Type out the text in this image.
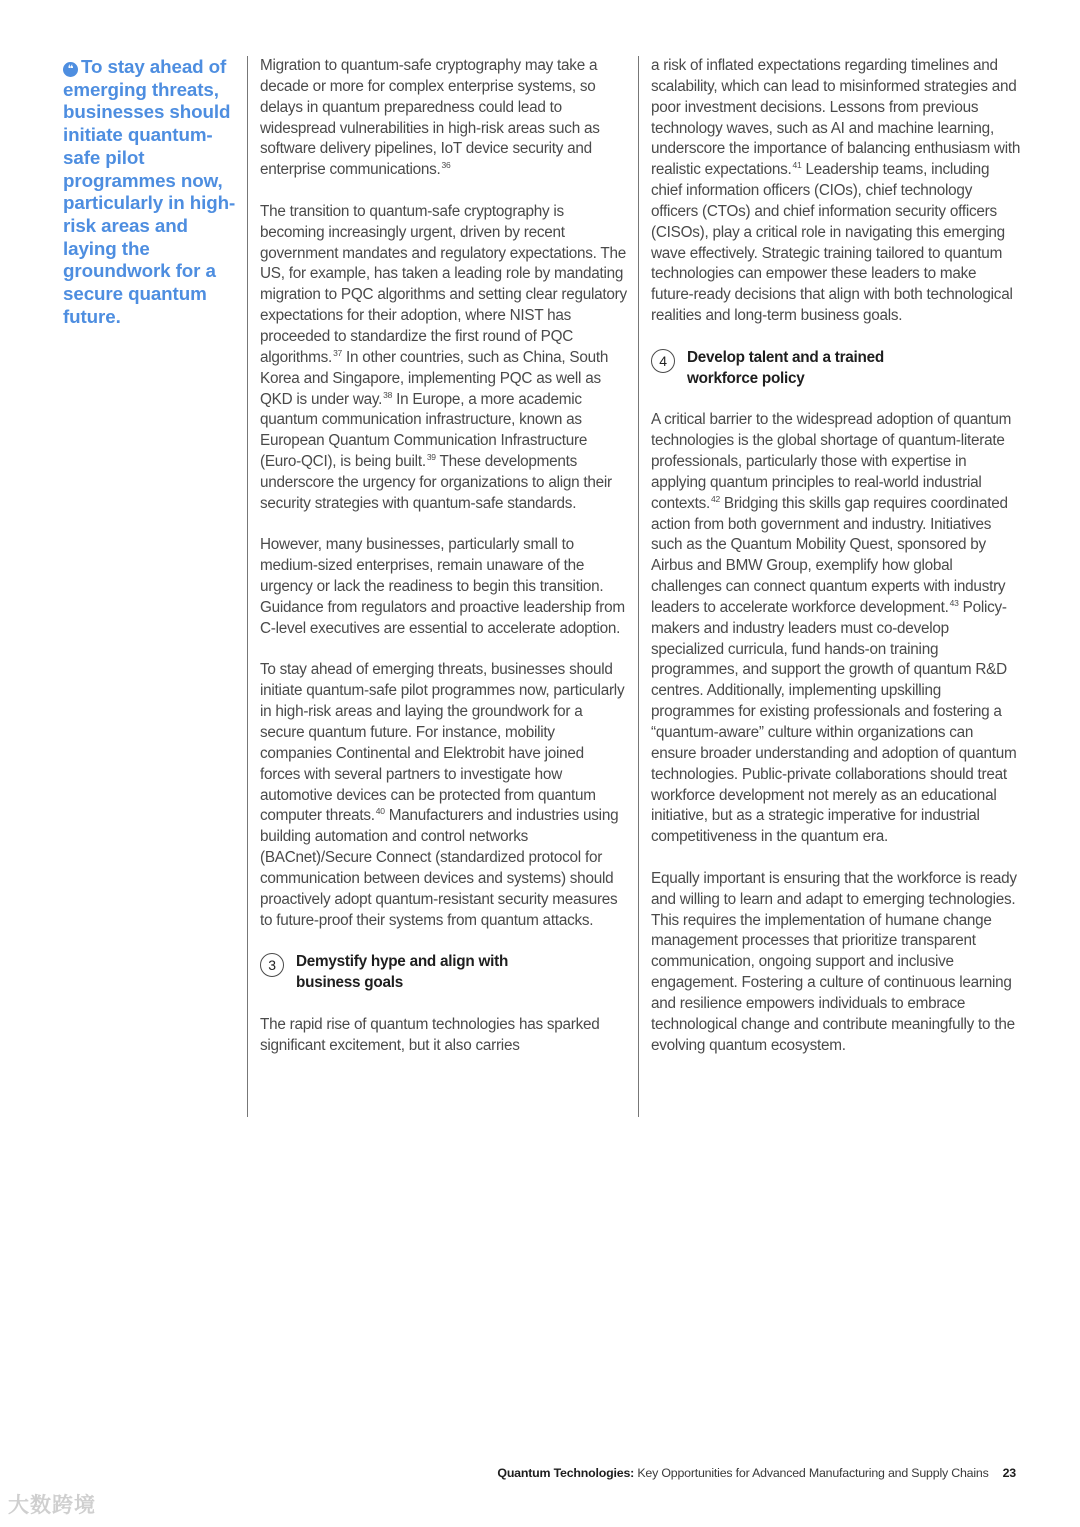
❝ To stay ahead of emerging threats, businesses should initiate quantum-safe pilot programmes now, particularly in high-risk areas and laying the groundwork for a secure quantum future.

Migration to quantum-safe cryptography may take a decade or more for complex enterprise systems, so delays in quantum preparedness could lead to widespread vulnerabilities in high-risk areas such as software delivery pipelines, IoT device security and enterprise communications.$^{36}$

The transition to quantum-safe cryptography is becoming increasingly urgent, driven by recent government mandates and regulatory expectations. The US, for example, has taken a leading role by mandating migration to PQC algorithms and setting clear regulatory expectations for their adoption, where NIST has proceeded to standardize the first round of PQC algorithms.$^{37}$ In other countries, such as China, South Korea and Singapore, implementing PQC as well as QKD is under way.$^{38}$ In Europe, a more academic quantum communication infrastructure, known as European Quantum Communication Infrastructure (Euro-QCI), is being built.$^{39}$ These developments underscore the urgency for organizations to align their security strategies with quantum-safe standards.

However, many businesses, particularly small to medium-sized enterprises, remain unaware of the urgency or lack the readiness to begin this transition. Guidance from regulators and proactive leadership from C-level executives are essential to accelerate adoption.

To stay ahead of emerging threats, businesses should initiate quantum-safe pilot programmes now, particularly in high-risk areas and laying the groundwork for a secure quantum future. For instance, mobility companies Continental and Elektrobit have joined forces with several partners to investigate how automotive devices can be protected from quantum computer threats.$^{40}$ Manufacturers and industries using building automation and control networks (BACnet)/Secure Connect (standardized protocol for communication between devices and systems) should proactively adopt quantum-resistant security measures to future-proof their systems from quantum attacks.

3	Demystify hype and align with business goals

The rapid rise of quantum technologies has sparked significant excitement, but it also carries

a risk of inflated expectations regarding timelines and scalability, which can lead to misinformed strategies and poor investment decisions. Lessons from previous technology waves, such as AI and machine learning, underscore the importance of balancing enthusiasm with realistic expectations.$^{41}$ Leadership teams, including chief information officers (CIOs), chief technology officers (CTOs) and chief information security officers (CISOs), play a critical role in navigating this emerging wave effectively. Strategic training tailored to quantum technologies can empower these leaders to make future-ready decisions that align with both technological realities and long-term business goals.

4	Develop talent and a trained workforce policy

A critical barrier to the widespread adoption of quantum technologies is the global shortage of quantum-literate professionals, particularly those with expertise in applying quantum principles to real-world industrial contexts.$^{42}$ Bridging this skills gap requires coordinated action from both government and industry. Initiatives such as the Quantum Mobility Quest, sponsored by Airbus and BMW Group, exemplify how global challenges can connect quantum experts with industry leaders to accelerate workforce development.$^{43}$ Policy-makers and industry leaders must co-develop specialized curricula, fund hands-on training programmes, and support the growth of quantum R&D centres. Additionally, implementing upskilling programmes for existing professionals and fostering a “quantum-aware” culture within organizations can ensure broader understanding and adoption of quantum technologies. Public-private collaborations should treat workforce development not merely as an educational initiative, but as a strategic imperative for industrial competitiveness in the quantum era.

Equally important is ensuring that the workforce is ready and willing to learn and adapt to emerging technologies. This requires the implementation of humane change management processes that prioritize transparent communication, ongoing support and inclusive engagement. Fostering a culture of continuous learning and resilience empowers individuals to embrace technological change and contribute meaningfully to the evolving quantum ecosystem.

Quantum Technologies: Key Opportunities for Advanced Manufacturing and Supply Chains 23
大数跨境
